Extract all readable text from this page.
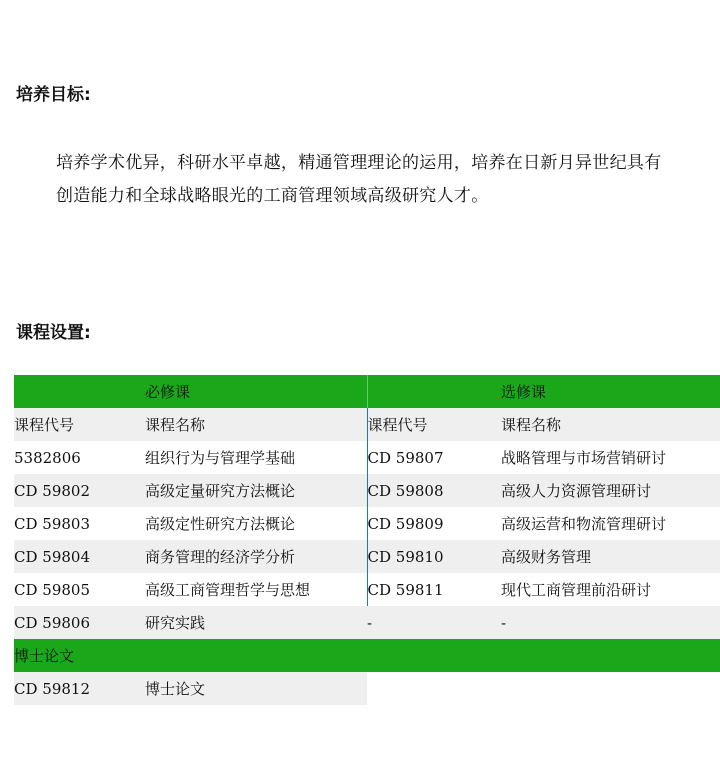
培养目标:

培养学术优异，科研水平卓越，精通管理理论的运用，培养在日新月异世纪具有

创造能力和全球战略眼光的工商管理领域高级研究人才。

课程设置:
	必修课		选修课
课程代号	课程名称	课程代号	课程名称
5382806	组织行为与管理学基础	CD 59807	战略管理与市场营销研讨
CD 59802	高级定量研究方法概论	CD 59808	高级人力资源管理研讨
CD 59803	高级定性研究方法概论	CD 59809	高级运营和物流管理研讨
CD 59804	商务管理的经济学分析	CD 59810	高级财务管理
CD 59805	高级工商管理哲学与思想	CD 59811	现代工商管理前沿研讨
CD 59806	研究实践	-	-
博士论文			
CD 59812	博士论文		
